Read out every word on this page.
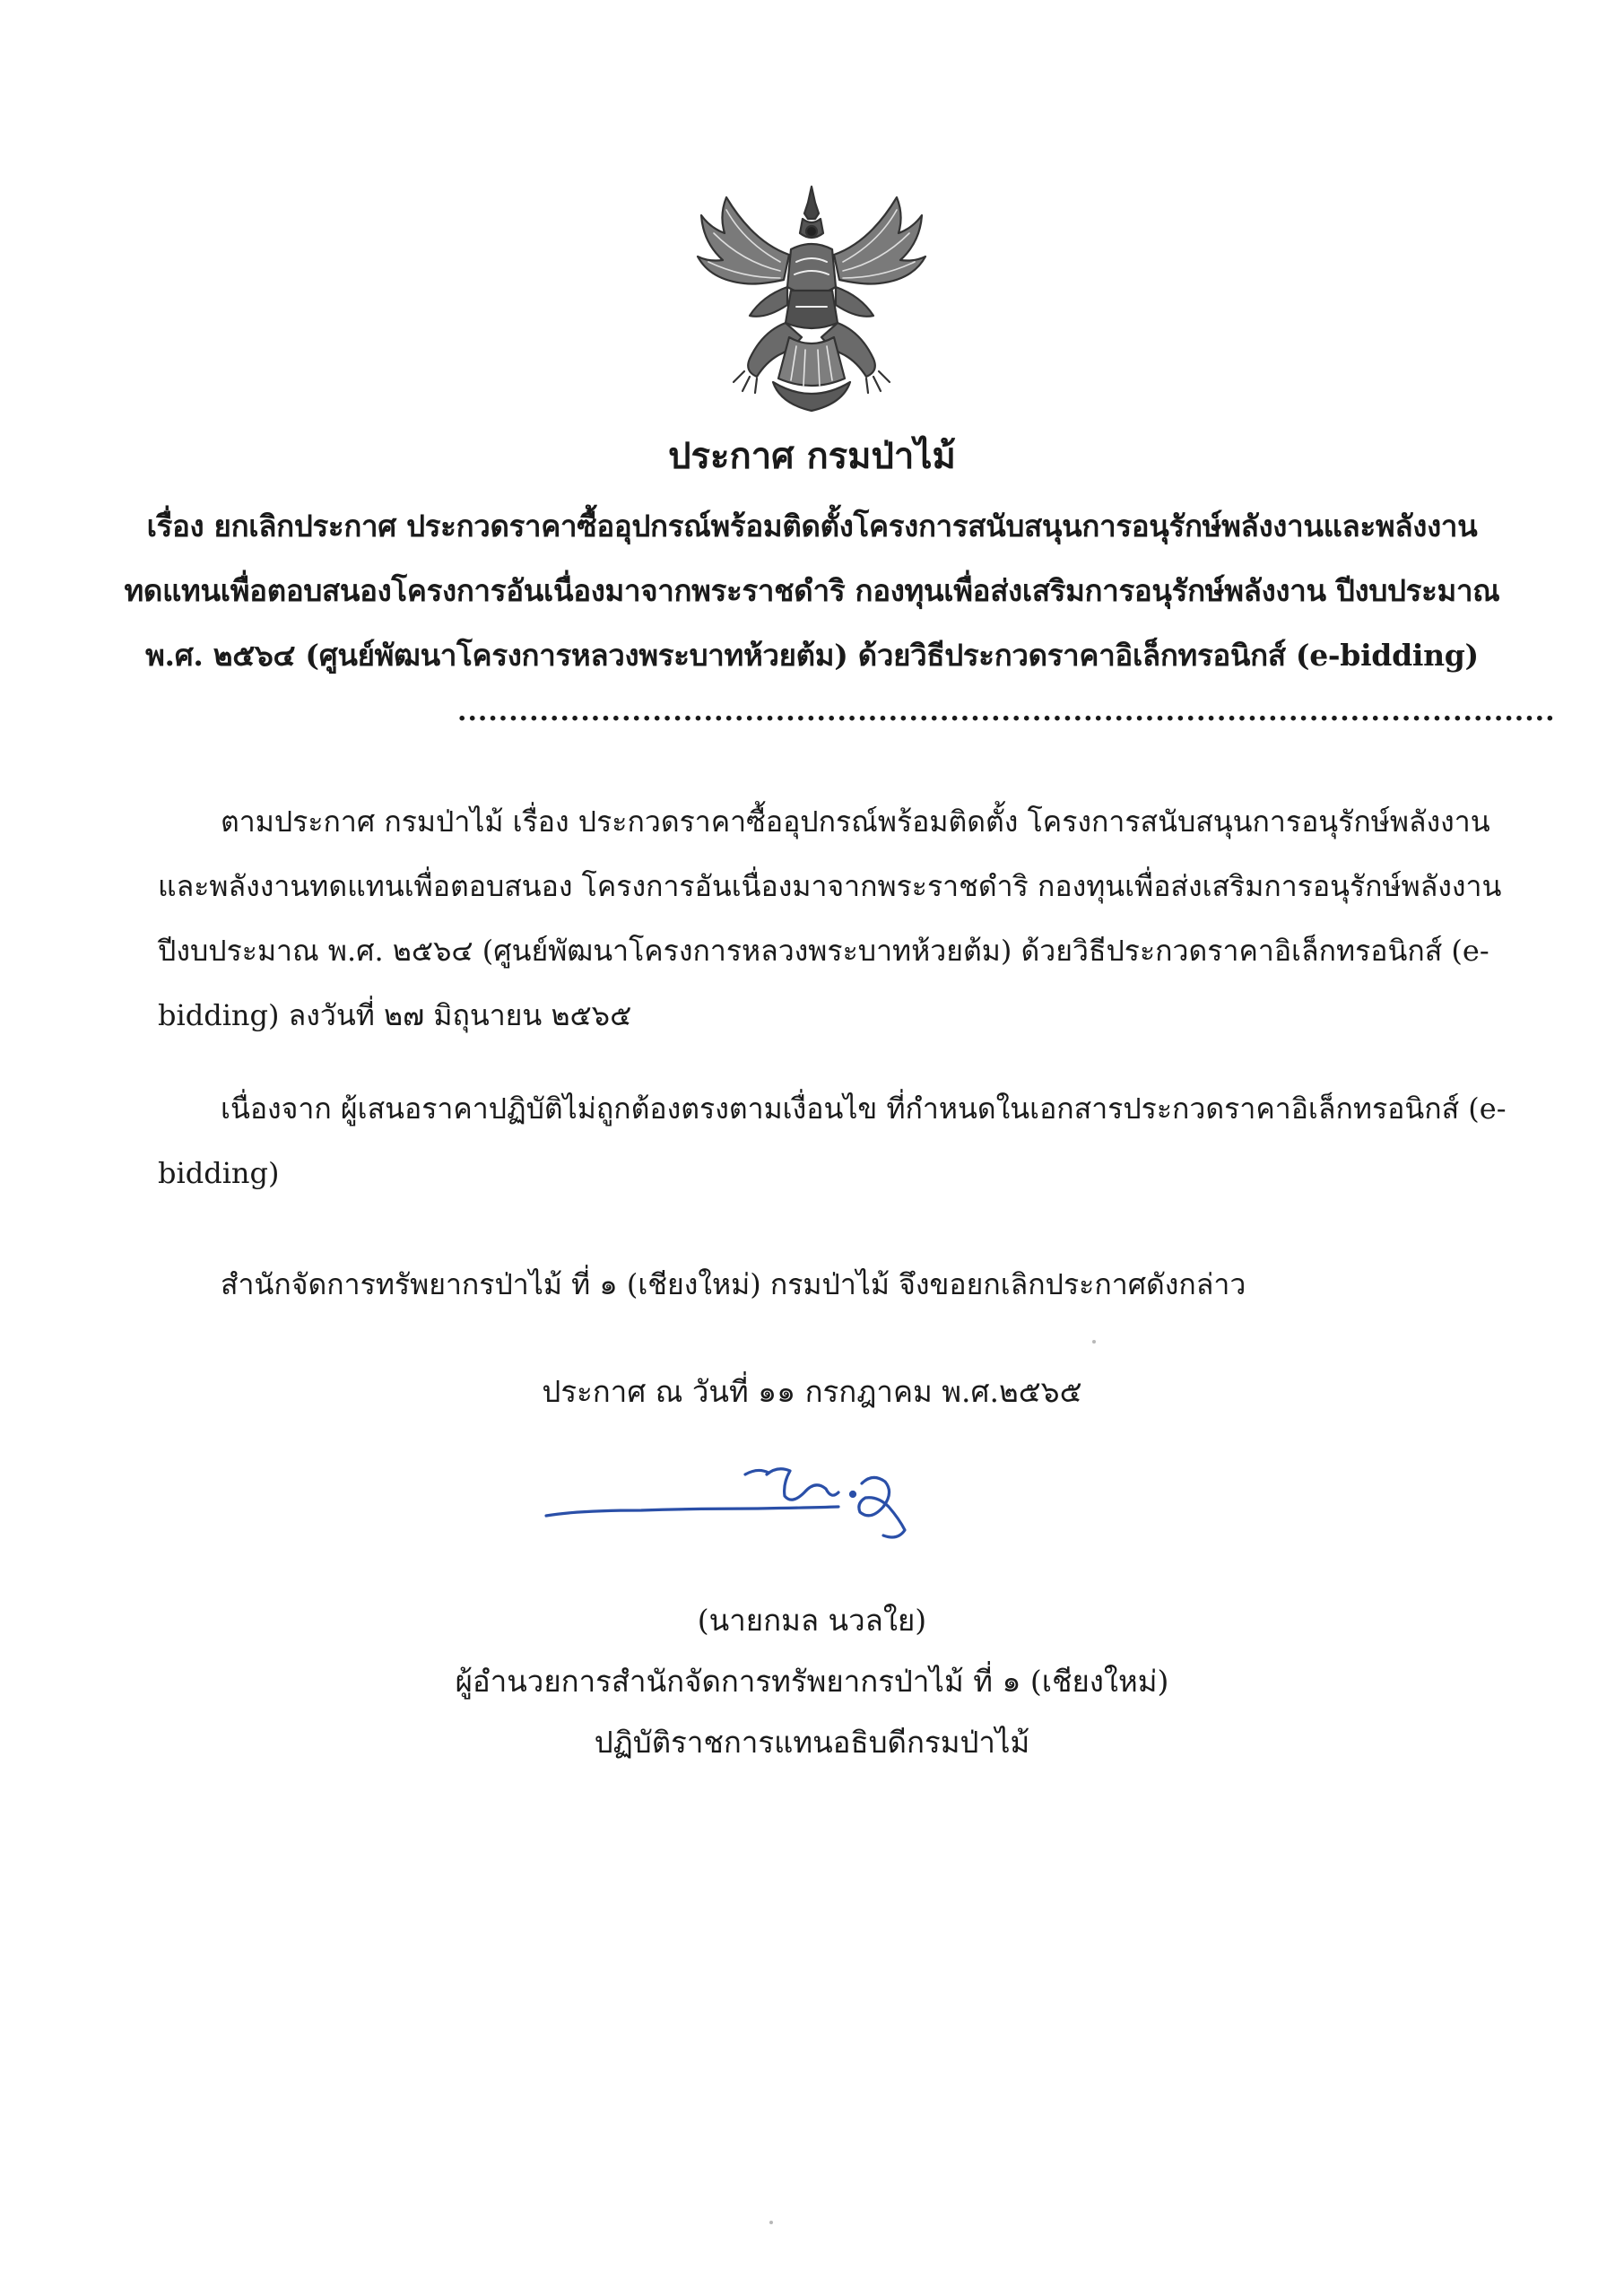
ประกาศ กรมป่าไม้
เรื่อง ยกเลิกประกาศ ประกวดราคาซื้ออุปกรณ์พร้อมติดตั้งโครงการสนับสนุนการอนุรักษ์พลังงานและพลังงาน
ทดแทนเพื่อตอบสนองโครงการอันเนื่องมาจากพระราชดำริ กองทุนเพื่อส่งเสริมการอนุรักษ์พลังงาน ปีงบประมาณ
พ.ศ. ๒๕๖๔ (ศูนย์พัฒนาโครงการหลวงพระบาทห้วยต้ม) ด้วยวิธีประกวดราคาอิเล็กทรอนิกส์ (e-bidding)
...........................................................................................................
ตามประกาศ กรมป่าไม้ เรื่อง ประกวดราคาซื้ออุปกรณ์พร้อมติดตั้ง โครงการสนับสนุนการอนุรักษ์พลังงาน
และพลังงานทดแทนเพื่อตอบสนอง โครงการอันเนื่องมาจากพระราชดำริ กองทุนเพื่อส่งเสริมการอนุรักษ์พลังงาน
ปีงบประมาณ พ.ศ. ๒๕๖๔ (ศูนย์พัฒนาโครงการหลวงพระบาทห้วยต้ม) ด้วยวิธีประกวดราคาอิเล็กทรอนิกส์ (e-
bidding) ลงวันที่ ๒๗ มิถุนายน ๒๕๖๕
เนื่องจาก ผู้เสนอราคาปฏิบัติไม่ถูกต้องตรงตามเงื่อนไข ที่กำหนดในเอกสารประกวดราคาอิเล็กทรอนิกส์ (e-
bidding)
สำนักจัดการทรัพยากรป่าไม้ ที่ ๑ (เชียงใหม่) กรมป่าไม้ จึงขอยกเลิกประกาศดังกล่าว
ประกาศ ณ วันที่ ๑๑ กรกฎาคม พ.ศ.๒๕๖๕
(นายกมล นวลใย)
ผู้อำนวยการสำนักจัดการทรัพยากรป่าไม้ ที่ ๑ (เชียงใหม่)
ปฏิบัติราชการแทนอธิบดีกรมป่าไม้
